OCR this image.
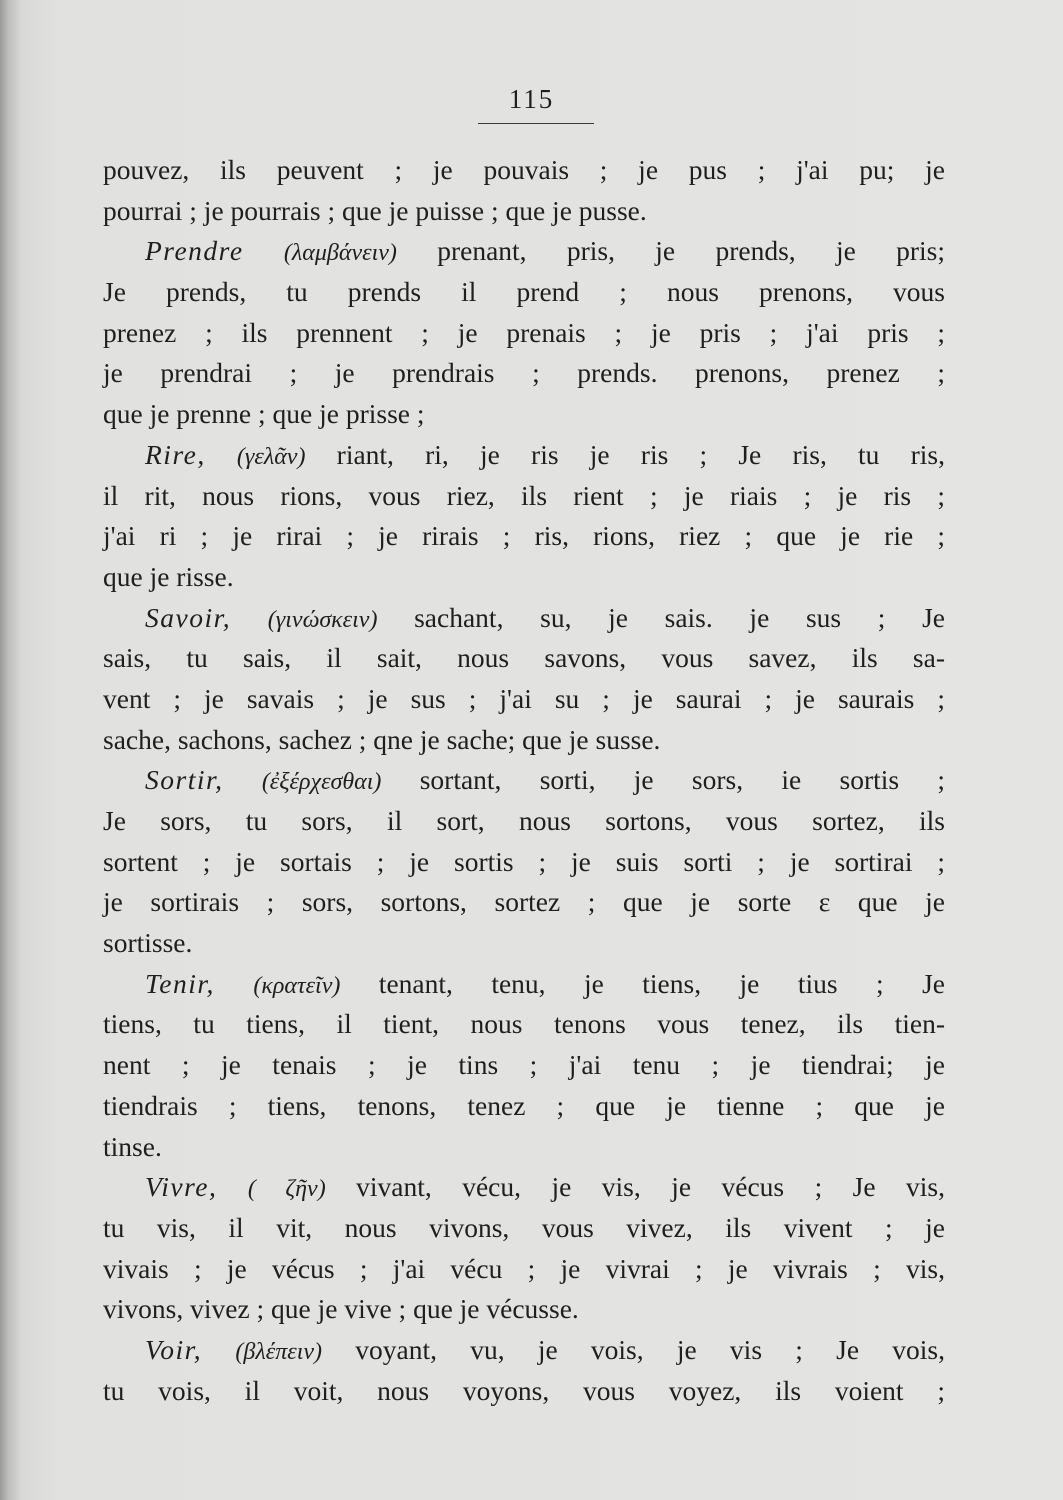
115
pouvez, ils peuvent ; je pouvais ; je pus ; j'ai pu; je
pourrai ; je pourrais ; que je puisse ; que je pusse.
Prendre (λαμβάνειν) prenant, pris, je prends, je pris;
Je prends, tu prends il prend ; nous prenons, vous
prenez ; ils prennent ; je prenais ; je pris ; j'ai pris ;
je prendrai ; je prendrais ; prends. prenons, prenez ;
que je prenne ; que je prisse ;
Rire, (γελᾶν) riant, ri, je ris je ris ; Je ris, tu ris,
il rit, nous rions, vous riez, ils rient ; je riais ; je ris ;
j'ai ri ; je rirai ; je rirais ; ris, rions, riez ; que je rie ;
que je risse.
Savoir, (γινώσκειν) sachant, su, je sais. je sus ; Je
sais, tu sais, il sait, nous savons, vous savez, ils sa-
vent ; je savais ; je sus ; j'ai su ; je saurai ; je saurais ;
sache, sachons, sachez ; qne je sache; que je susse.
Sortir, (ἐξέρχεσθαι) sortant, sorti, je sors, ie sortis ;
Je sors, tu sors, il sort, nous sortons, vous sortez, ils
sortent ; je sortais ; je sortis ; je suis sorti ; je sortirai ;
je sortirais ; sors, sortons, sortez ; que je sorte ε que je
sortisse.
Tenir, (κρατεῖν) tenant, tenu, je tiens, je tius ; Je
tiens, tu tiens, il tient, nous tenons vous tenez, ils tien-
nent ; je tenais ; je tins ; j'ai tenu ; je tiendrai; je
tiendrais ; tiens, tenons, tenez ; que je tienne ; que je
tinse.
Vivre, ( ζῆν) vivant, vécu, je vis, je vécus ; Je vis,
tu vis, il vit, nous vivons, vous vivez, ils vivent ; je
vivais ; je vécus ; j'ai vécu ; je vivrai ; je vivrais ; vis,
vivons, vivez ; que je vive ; que je vécusse.
Voir, (βλέπειν) voyant, vu, je vois, je vis ; Je vois,
tu vois, il voit, nous voyons, vous voyez, ils voient ;
